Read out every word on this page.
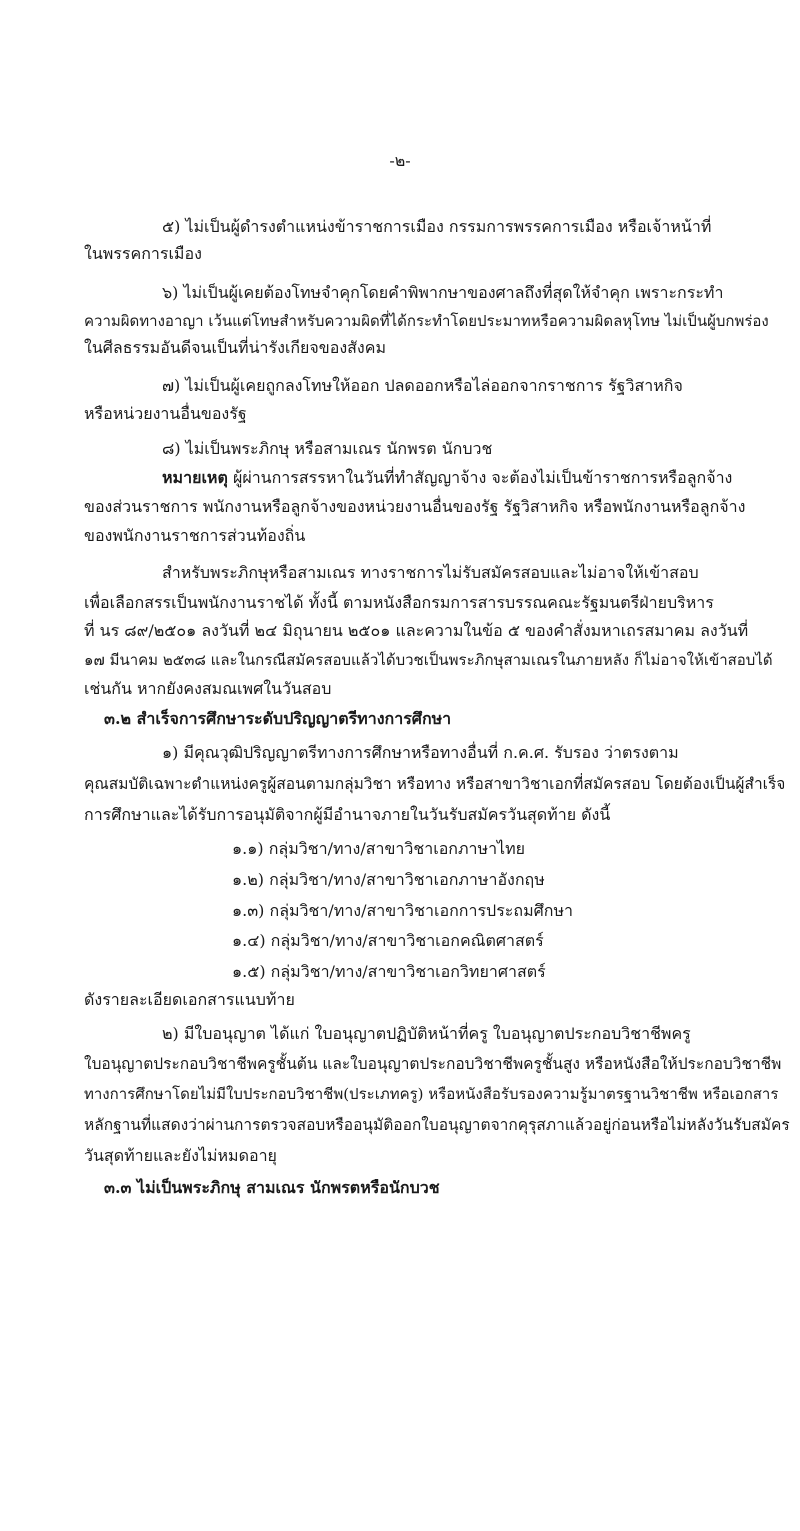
-๒-
๕) ไม่เป็นผู้ดำรงตำแหน่งข้าราชการเมือง กรรมการพรรคการเมือง หรือเจ้าหน้าที่
ในพรรคการเมือง
๖) ไม่เป็นผู้เคยต้องโทษจำคุกโดยคำพิพากษาของศาลถึงที่สุดให้จำคุก เพราะกระทำ
ความผิดทางอาญา เว้นแต่โทษสำหรับความผิดที่ได้กระทำโดยประมาทหรือความผิดลหุโทษ ไม่เป็นผู้บกพร่อง
ในศีลธรรมอันดีจนเป็นที่น่ารังเกียจของสังคม
๗) ไม่เป็นผู้เคยถูกลงโทษให้ออก ปลดออกหรือไล่ออกจากราชการ รัฐวิสาหกิจ
หรือหน่วยงานอื่นของรัฐ
๘) ไม่เป็นพระภิกษุ หรือสามเณร นักพรต นักบวช
หมายเหตุ ผู้ผ่านการสรรหาในวันที่ทำสัญญาจ้าง จะต้องไม่เป็นข้าราชการหรือลูกจ้าง
ของส่วนราชการ พนักงานหรือลูกจ้างของหน่วยงานอื่นของรัฐ รัฐวิสาหกิจ หรือพนักงานหรือลูกจ้าง
ของพนักงานราชการส่วนท้องถิ่น
สำหรับพระภิกษุหรือสามเณร ทางราชการไม่รับสมัครสอบและไม่อาจให้เข้าสอบ
เพื่อเลือกสรรเป็นพนักงานราชได้ ทั้งนี้ ตามหนังสือกรมการสารบรรณคณะรัฐมนตรีฝ่ายบริหาร
ที่ นร ๘๙/๒๕๐๑ ลงวันที่ ๒๔ มิถุนายน ๒๕๐๑ และความในข้อ ๕ ของคำสั่งมหาเถรสมาคม ลงวันที่
๑๗ มีนาคม ๒๕๓๘ และในกรณีสมัครสอบแล้วได้บวชเป็นพระภิกษุสามเณรในภายหลัง ก็ไม่อาจให้เข้าสอบได้
เช่นกัน หากยังคงสมณเพศในวันสอบ
๓.๒ สำเร็จการศึกษาระดับปริญญาตรีทางการศึกษา
๑) มีคุณวุฒิปริญญาตรีทางการศึกษาหรือทางอื่นที่ ก.ค.ศ. รับรอง ว่าตรงตาม
คุณสมบัติเฉพาะตำแหน่งครูผู้สอนตามกลุ่มวิชา หรือทาง หรือสาขาวิชาเอกที่สมัครสอบ โดยต้องเป็นผู้สำเร็จ
การศึกษาและได้รับการอนุมัติจากผู้มีอำนาจภายในวันรับสมัครวันสุดท้าย ดังนี้
๑.๑) กลุ่มวิชา/ทาง/สาขาวิชาเอกภาษาไทย
๑.๒) กลุ่มวิชา/ทาง/สาขาวิชาเอกภาษาอังกฤษ
๑.๓) กลุ่มวิชา/ทาง/สาขาวิชาเอกการประถมศึกษา
๑.๔) กลุ่มวิชา/ทาง/สาขาวิชาเอกคณิตศาสตร์
๑.๕) กลุ่มวิชา/ทาง/สาขาวิชาเอกวิทยาศาสตร์
ดังรายละเอียดเอกสารแนบท้าย
๒) มีใบอนุญาต ได้แก่ ใบอนุญาตปฏิบัติหน้าที่ครู ใบอนุญาตประกอบวิชาชีพครู
ใบอนุญาตประกอบวิชาชีพครูชั้นต้น และใบอนุญาตประกอบวิชาชีพครูชั้นสูง หรือหนังสือให้ประกอบวิชาชีพ
ทางการศึกษาโดยไม่มีใบประกอบวิชาชีพ(ประเภทครู) หรือหนังสือรับรองความรู้มาตรฐานวิชาชีพ หรือเอกสาร
หลักฐานที่แสดงว่าผ่านการตรวจสอบหรืออนุมัติออกใบอนุญาตจากคุรุสภาแล้วอยู่ก่อนหรือไม่หลังวันรับสมัคร
วันสุดท้ายและยังไม่หมดอายุ
๓.๓ ไม่เป็นพระภิกษุ สามเณร นักพรตหรือนักบวช
